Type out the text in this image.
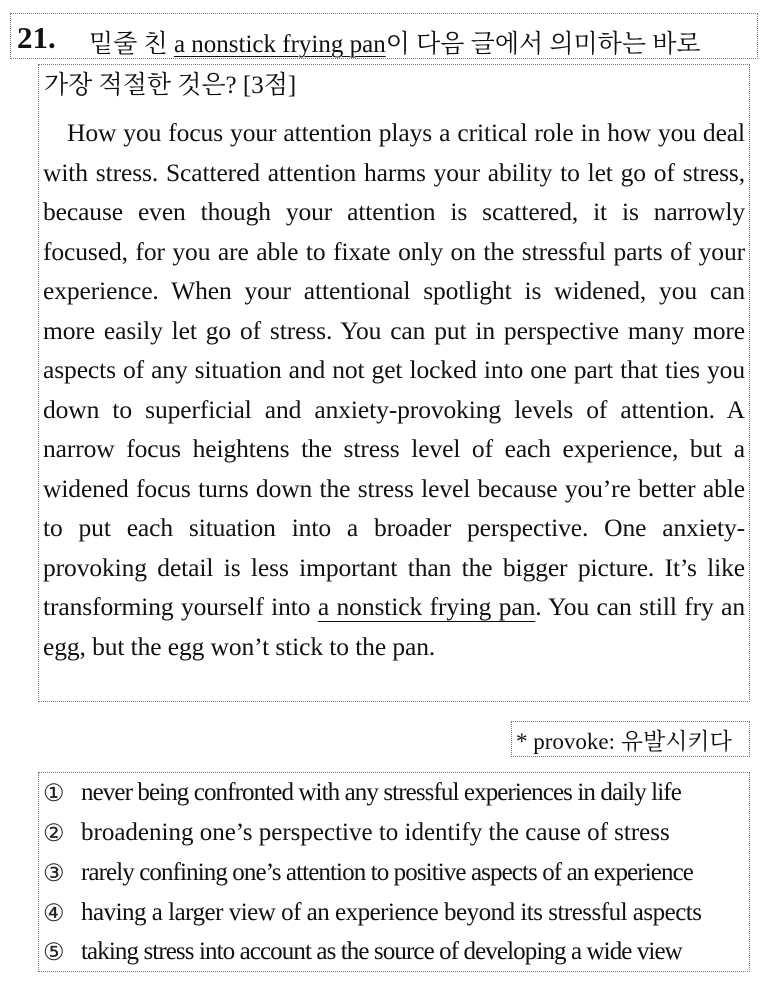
21. 밑줄 친 a nonstick frying pan이 다음 글에서 의미하는 바로
가장 적절한 것은? [3점]
How you focus your attention plays a critical role in how you deal with stress. Scattered attention harms your ability to let go of stress, because even though your attention is scattered, it is narrowly focused, for you are able to fixate only on the stressful parts of your experience. When your attentional spotlight is widened, you can more easily let go of stress. You can put in perspective many more aspects of any situation and not get locked into one part that ties you down to superficial and anxiety-provoking levels of attention. A narrow focus heightens the stress level of each experience, but a widened focus turns down the stress level because you’re better able to put each situation into a broader perspective. One anxiety-provoking detail is less important than the bigger picture. It’s like transforming yourself into a nonstick frying pan. You can still fry an egg, but the egg won’t stick to the pan.
* provoke: 유발시키다
① never being confronted with any stressful experiences in daily life
② broadening one’s perspective to identify the cause of stress
③ rarely confining one’s attention to positive aspects of an experience
④ having a larger view of an experience beyond its stressful aspects
⑤ taking stress into account as the source of developing a wide view
